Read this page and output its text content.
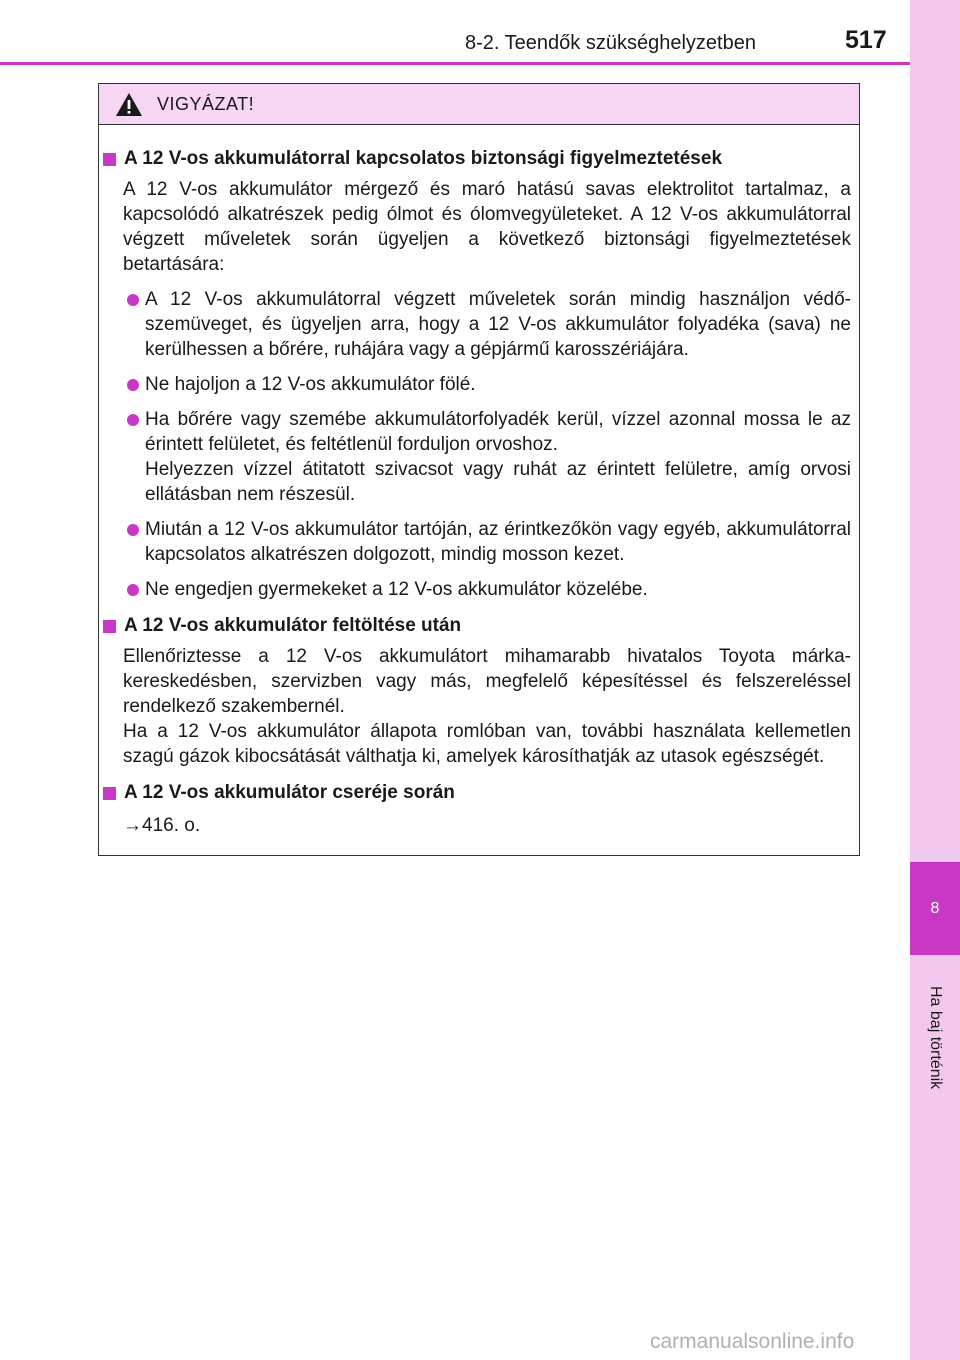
8
Ha baj történik
8-2. Teendők szükséghelyzetben	517
VIGYÁZAT!
A 12 V-os akkumulátorral kapcsolatos biztonsági figyelmeztetések
A 12 V-os akkumulátor mérgező és maró hatású savas elektrolitot tartalmaz, a kapcsolódó alkatrészek pedig ólmot és ólomvegyületeket. A 12 V-os akkumulátorral végzett műveletek során ügyeljen a következő biztonsági figyelmeztetések betartására:
A 12 V-os akkumulátorral végzett műveletek során mindig használjon védőszemüveget, és ügyeljen arra, hogy a 12 V-os akkumulátor folyadéka (sava) ne kerülhessen a bőrére, ruhájára vagy a gépjármű karosszériájára.
Ne hajoljon a 12 V-os akkumulátor fölé.
Ha bőrére vagy szemébe akkumulátorfolyadék kerül, vízzel azonnal mossa le az érintett felületet, és feltétlenül forduljon orvoshoz.
Helyezzen vízzel átitatott szivacsot vagy ruhát az érintett felületre, amíg orvosi ellátásban nem részesül.
Miután a 12 V-os akkumulátor tartóján, az érintkezőkön vagy egyéb, akkumulátorral kapcsolatos alkatrészen dolgozott, mindig mosson kezet.
Ne engedjen gyermekeket a 12 V-os akkumulátor közelébe.
A 12 V-os akkumulátor feltöltése után
Ellenőriztesse a 12 V-os akkumulátort mihamarabb hivatalos Toyota márkakereskedésben, szervizben vagy más, megfelelő képesítéssel és felszereléssel rendelkező szakembernél.
Ha a 12 V-os akkumulátor állapota romlóban van, további használata kellemetlen szagú gázok kibocsátását válthatja ki, amelyek károsíthatják az utasok egészségét.
A 12 V-os akkumulátor cseréje során
→416. o.
carmanualsonline.info
